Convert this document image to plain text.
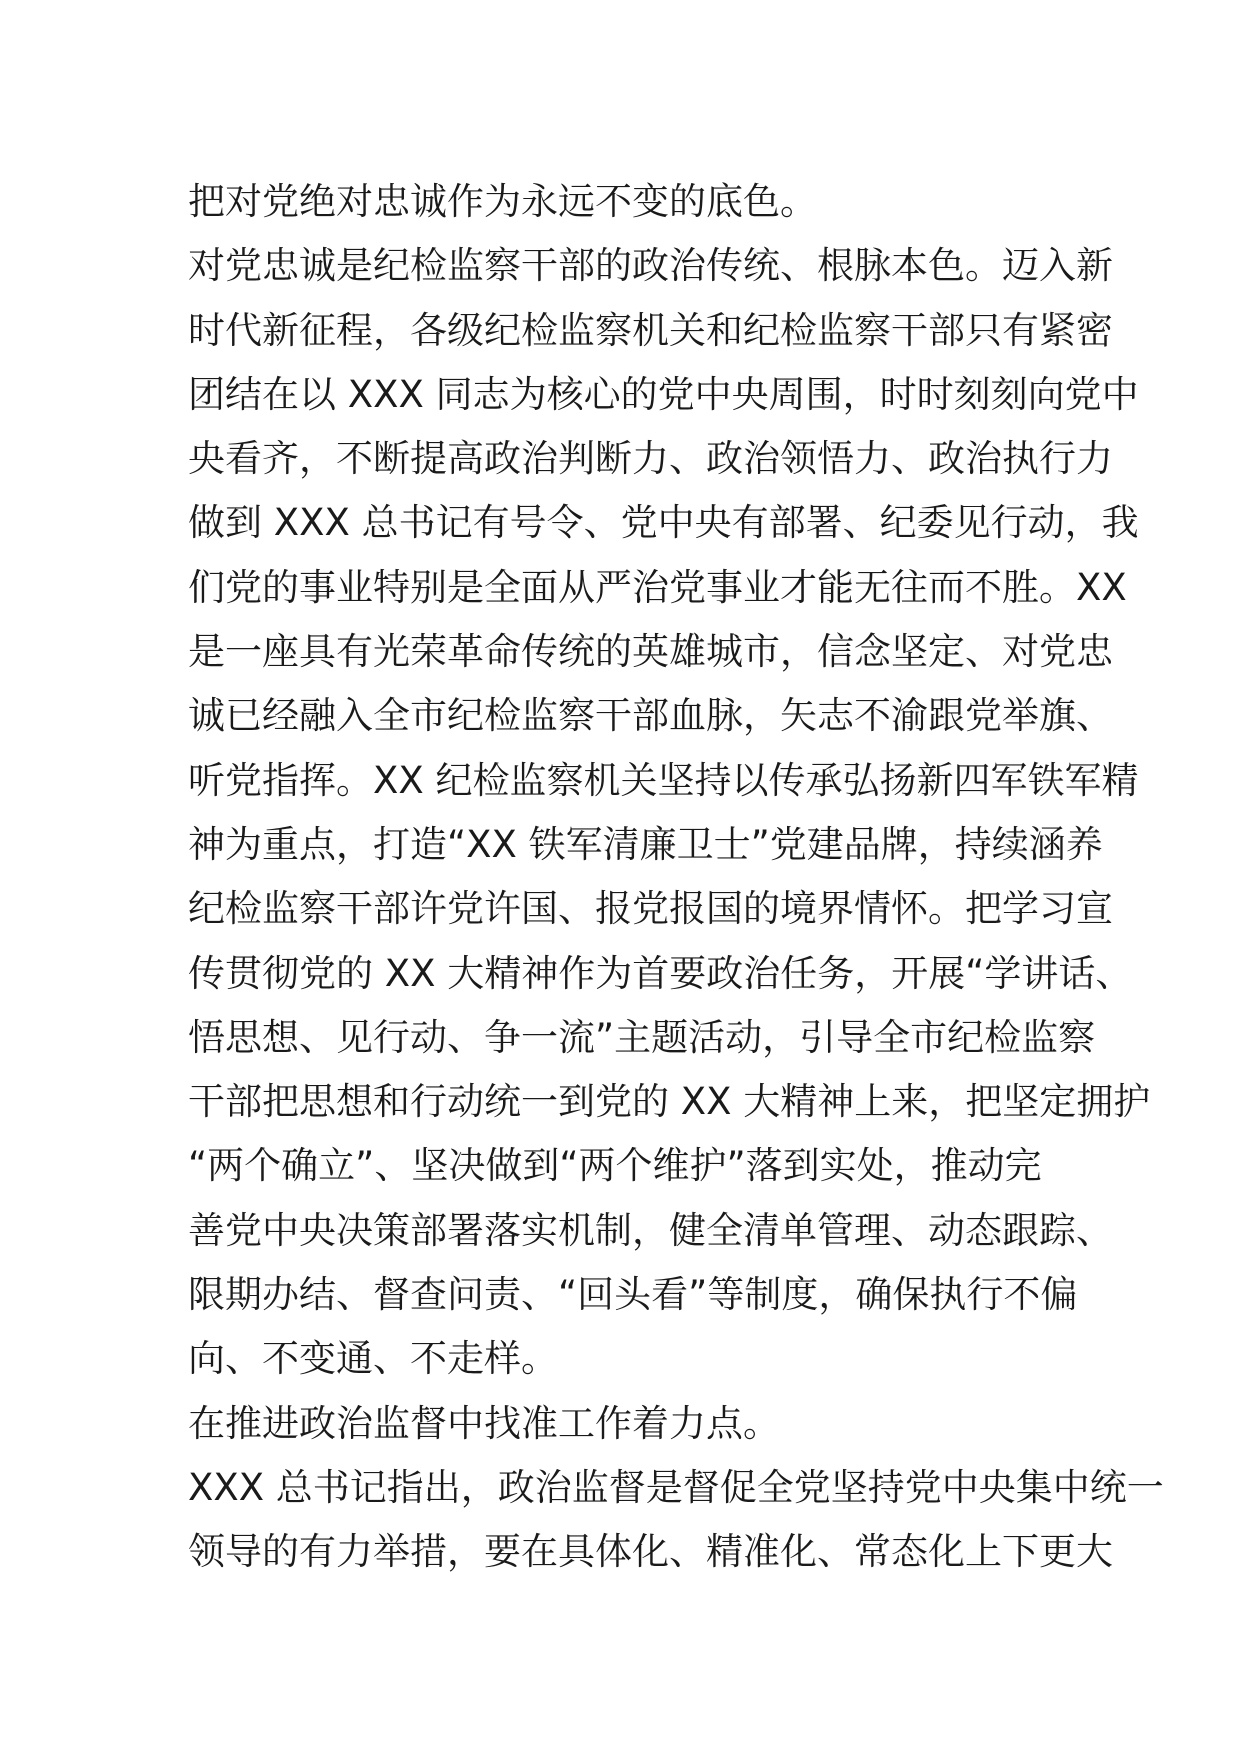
把对党绝对忠诚作为永远不变的底色。
对党忠诚是纪检监察干部的政治传统、根脉本色。迈入新
时代新征程，各级纪检监察机关和纪检监察干部只有紧密
团结在以 XXX 同志为核心的党中央周围，时时刻刻向党中
央看齐，不断提高政治判断力、政治领悟力、政治执行力
做到 XXX 总书记有号令、党中央有部署、纪委见行动，我
们党的事业特别是全面从严治党事业才能无往而不胜。XX
是一座具有光荣革命传统的英雄城市，信念坚定、对党忠
诚已经融入全市纪检监察干部血脉，矢志不渝跟党举旗、
听党指挥。XX 纪检监察机关坚持以传承弘扬新四军铁军精
神为重点，打造“XX 铁军清廉卫士”党建品牌，持续涵养
纪检监察干部许党许国、报党报国的境界情怀。把学习宣
传贯彻党的 XX 大精神作为首要政治任务，开展“学讲话、
悟思想、见行动、争一流”主题活动，引导全市纪检监察
干部把思想和行动统一到党的 XX 大精神上来，把坚定拥护
“两个确立”、坚决做到“两个维护”落到实处，推动完
善党中央决策部署落实机制，健全清单管理、动态跟踪、
限期办结、督查问责、“回头看”等制度，确保执行不偏
向、不变通、不走样。
在推进政治监督中找准工作着力点。
XXX 总书记指出，政治监督是督促全党坚持党中央集中统一
领导的有力举措，要在具体化、精准化、常态化上下更大
